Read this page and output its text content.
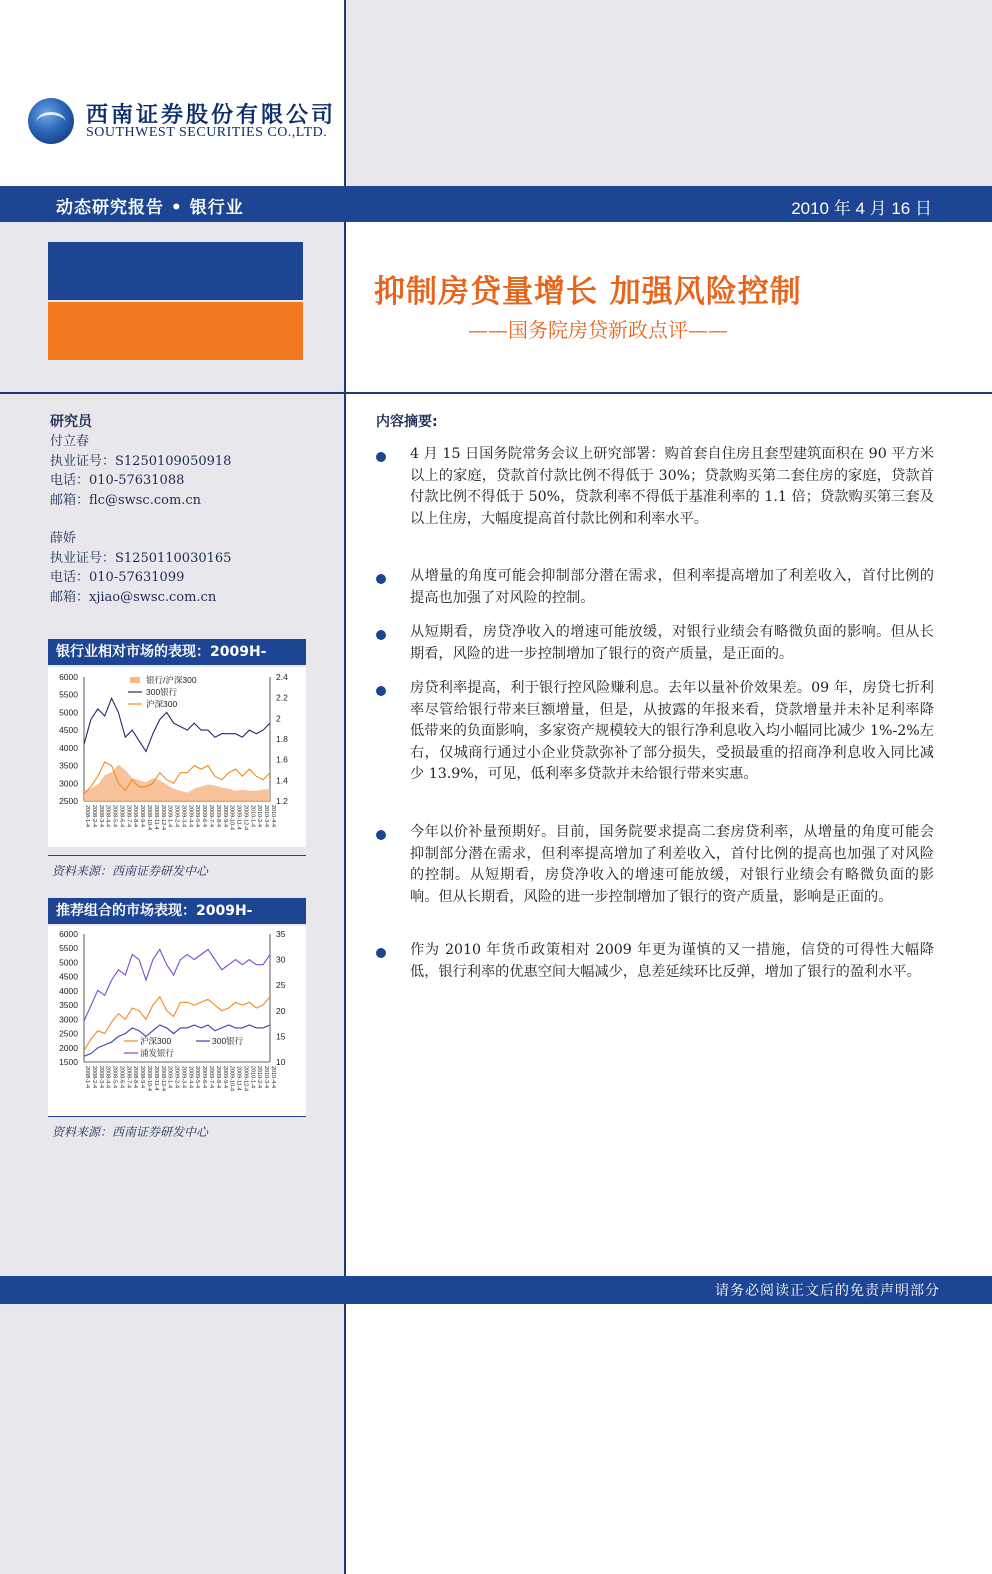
西南证券股份有限公司
SOUTHWEST SECURITIES CO.,LTD.
动态研究报告 • 银行业	2010 年 4 月 16 日
抑制房贷量增长 加强风险控制
——国务院房贷新政点评——
研究员
付立春
执业证号：S1250109050918
电话：010-57631088
邮箱：flc@swsc.com.cn
薛娇
执业证号：S1250110030165
电话：010-57631099
邮箱：xjiao@swsc.com.cn
银行业相对市场的表现：2009H-
6000
5500
5000
4500
4000
3500
3000
2500
2.4
2.2
2
1.8
1.6
1.4
1.2
2008-1-4 2008-2-4 2008-3-4 2008-4-4 2008-5-4 2008-6-4 2008-7-4 2008-8-4 2008-9-4 2008-10-4 2008-11-4 2008-12-4 2009-1-4 2009-2-4 2009-3-4 2009-4-4 2009-5-4 2009-6-4 2009-7-4 2009-8-4 2009-9-4 2009-10-4 2009-11-4 2009-12-4 2010-1-4 2010-2-4 2010-3-4 2010-4-4
银行/沪深300
300银行
沪深300
资料来源：西南证券研发中心
推荐组合的市场表现：2009H-
6000
5500
5000
4500
4000
3500
3000
2500
2000
1500
35
30
25
20
15
10
2008-1-4 2008-2-4 2008-3-4 2008-4-4 2008-5-4 2008-6-4 2008-7-4 2008-8-4 2008-9-4 2008-10-4 2008-11-4 2008-12-4 2009-1-4 2009-2-4 2009-3-4 2009-4-4 2009-5-4 2009-6-4 2009-7-4 2009-8-4 2009-9-4 2009-10-4 2009-11-4 2009-12-4 2010-1-4 2010-2-4 2010-3-4 2010-4-4
沪深300	300银行
浦发银行
资料来源：西南证券研发中心
内容摘要:

4 月 15 日国务院常务会议上研究部署：购首套自住房且套型建筑面积在 90 平方米以上的家庭，贷款首付款比例不得低于 30%；贷款购买第二套住房的家庭，贷款首付款比例不得低于 50%，贷款利率不得低于基准利率的 1.1 倍；贷款购买第三套及以上住房，大幅度提高首付款比例和利率水平。

从增量的角度可能会抑制部分潜在需求，但利率提高增加了利差收入，首付比例的提高也加强了对风险的控制。

从短期看，房贷净收入的增速可能放缓，对银行业绩会有略微负面的影响。但从长期看，风险的进一步控制增加了银行的资产质量，是正面的。

房贷利率提高，利于银行控风险赚利息。去年以量补价效果差。09 年，房贷七折利率尽管给银行带来巨额增量，但是，从披露的年报来看，贷款增量并未补足利率降低带来的负面影响，多家资产规模较大的银行净利息收入均小幅同比减少 1%-2%左右，仅城商行通过小企业贷款弥补了部分损失，受损最重的招商净利息收入同比减少 13.9%，可见，低利率多贷款并未给银行带来实惠。

今年以价补量预期好。目前，国务院要求提高二套房贷利率，从增量的角度可能会抑制部分潜在需求，但利率提高增加了利差收入，首付比例的提高也加强了对风险的控制。从短期看，房贷净收入的增速可能放缓，对银行业绩会有略微负面的影响。但从长期看，风险的进一步控制增加了银行的资产质量，影响是正面的。

作为 2010 年货币政策相对 2009 年更为谨慎的又一措施，信贷的可得性大幅降低，银行利率的优惠空间大幅减少，息差延续环比反弹，增加了银行的盈利水平。

请务必阅读正文后的免责声明部分
